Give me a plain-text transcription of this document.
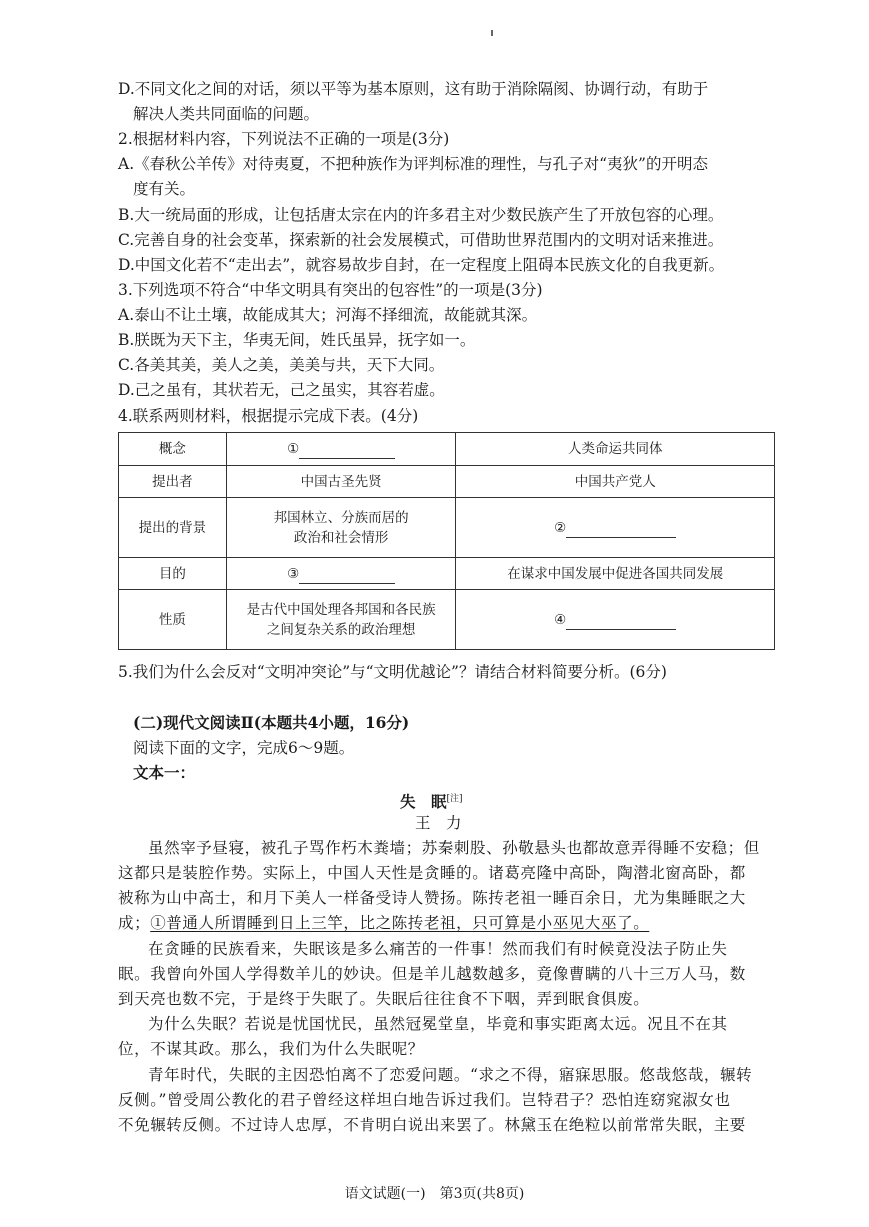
D.不同文化之间的对话，须以平等为基本原则，这有助于消除隔阂、协调行动，有助于
解决人类共同面临的问题。
2.根据材料内容，下列说法不正确的一项是(3分)
A.《春秋公羊传》对待夷夏，不把种族作为评判标准的理性，与孔子对“夷狄”的开明态
度有关。
B.大一统局面的形成，让包括唐太宗在内的许多君主对少数民族产生了开放包容的心理。
C.完善自身的社会变革，探索新的社会发展模式，可借助世界范围内的文明对话来推进。
D.中国文化若不“走出去”，就容易故步自封，在一定程度上阻碍本民族文化的自我更新。
3.下列选项不符合“中华文明具有突出的包容性”的一项是(3分)
A.泰山不让土壤，故能成其大；河海不择细流，故能就其深。
B.朕既为天下主，华夷无间，姓氏虽异，抚字如一。
C.各美其美，美人之美，美美与共，天下大同。
D.己之虽有，其状若无，己之虽实，其容若虚。
4.联系两则材料，根据提示完成下表。(4分)
概念	①	人类命运共同体
提出者	中国古圣先贤	中国共产党人
提出的背景	邦国林立、分族而居的
政治和社会情形	②
目的	③	在谋求中国发展中促进各国共同发展
性质	是古代中国处理各邦国和各民族
之间复杂关系的政治理想	④
5.我们为什么会反对“文明冲突论”与“文明优越论”？请结合材料简要分析。(6分)
(二)现代文阅读Ⅱ(本题共4小题，16分)
阅读下面的文字，完成6～9题。
文本一：
失　眠[注]
王　力
虽然宰予昼寝，被孔子骂作朽木粪墙；苏秦刺股、孙敬悬头也都故意弄得睡不安稳；但
这都只是装腔作势。实际上，中国人天性是贪睡的。诸葛亮隆中高卧，陶潜北窗高卧，都
被称为山中高士，和月下美人一样备受诗人赞扬。陈抟老祖一睡百余日，尤为集睡眠之大
成；①普通人所谓睡到日上三竿，比之陈抟老祖，只可算是小巫见大巫了。
在贪睡的民族看来，失眠该是多么痛苦的一件事！然而我们有时候竟没法子防止失
眠。我曾向外国人学得数羊儿的妙诀。但是羊儿越数越多，竟像曹瞒的八十三万人马，数
到天亮也数不完，于是终于失眠了。失眠后往往食不下咽，弄到眠食俱废。
为什么失眠？若说是忧国忧民，虽然冠冕堂皇，毕竟和事实距离太远。况且不在其
位，不谋其政。那么，我们为什么失眠呢？
青年时代，失眠的主因恐怕离不了恋爱问题。“求之不得，寤寐思服。悠哉悠哉，辗转
反侧。”曾受周公教化的君子曾经这样坦白地告诉过我们。岂特君子？恐怕连窈窕淑女也
不免辗转反侧。不过诗人忠厚，不肯明白说出来罢了。林黛玉在绝粒以前常常失眠，主要
语文试题(一)　第3页(共8页)
